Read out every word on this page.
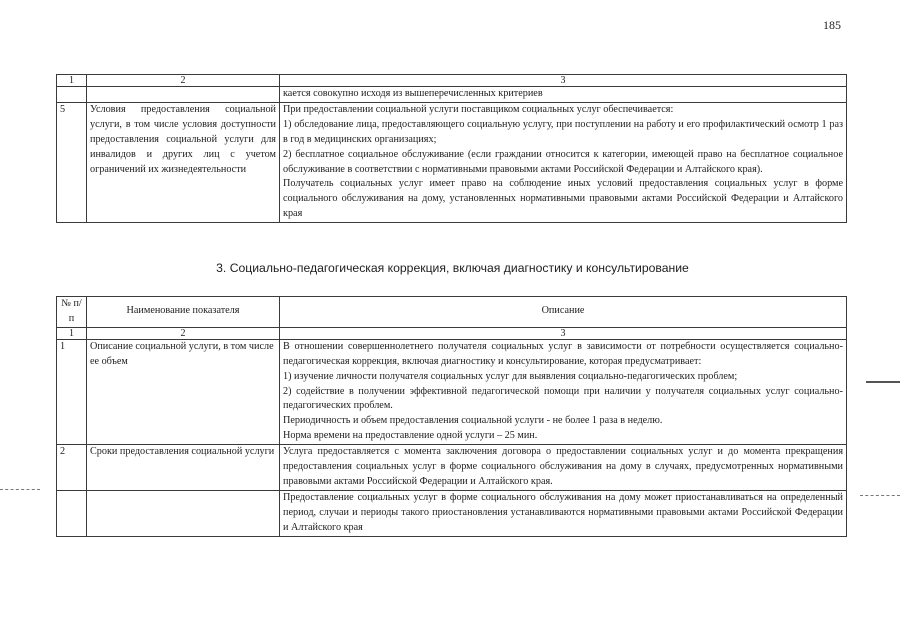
185
1	2	3

		кается совокупно исходя из вышеперечисленных критериев

5	Условия предоставления социальной услуги, в том числе условия доступности предоставления социальной услуги для инвалидов и других лиц с учетом ограничений их жизнедеятельности	При предоставлении социальной услуги поставщиком социальных услуг обеспечивается:
1) обследование лица, предоставляющего социальную услугу, при поступлении на работу и его профилактический осмотр 1 раз в год в медицинских организациях;
2) бесплатное социальное обслуживание (если граждании относится к категории, имеющей право на бесплатное социальное обслуживание в соответствии с нормативными правовыми актами Российской Федерации и Алтайского края).
Получатель социальных услуг имеет право на соблюдение иных условий предоставления социальных услуг в форме социального обслуживания на дому, установленных нормативными правовыми актами Российской Федерации и Алтайского края
3. Социально-педагогическая коррекция, включая диагностику и консультирование
№ п/п	Наименование показателя	Описание
1	2	3
1	Описание социальной услуги, в том числе ее объем	В отношении совершеннолетнего получателя социальных услуг в зависимости от потребности осуществляется социально-педагогическая коррекция, включая диагностику и консультирование, которая предусматривает:
1) изучение личности получателя социальных услуг для выявления социально-педагогических проблем;
2) содействие в получении эффективной педагогической помощи при наличии у получателя социальных услуг социально-педагогических проблем.
Периодичность и объем предоставления социальной услуги - не более 1 раза в неделю.
Норма времени на предоставление одной услуги – 25 мин.

2	Сроки предоставления социальной услуги	Услуга предоставляется с момента заключения договора о предоставлении социальных услуг и до момента прекращения предоставления социальных услуг в форме социального обслуживания на дому в случаях, предусмотренных нормативными правовыми актами Российской Федерации и Алтайского края.

		Предоставление социальных услуг в форме социального обслуживания на дому может приостанавливаться на определенный период, случаи и периоды такого приостановления устанавливаются нормативными правовыми актами Российской Федерации и Алтайского края
